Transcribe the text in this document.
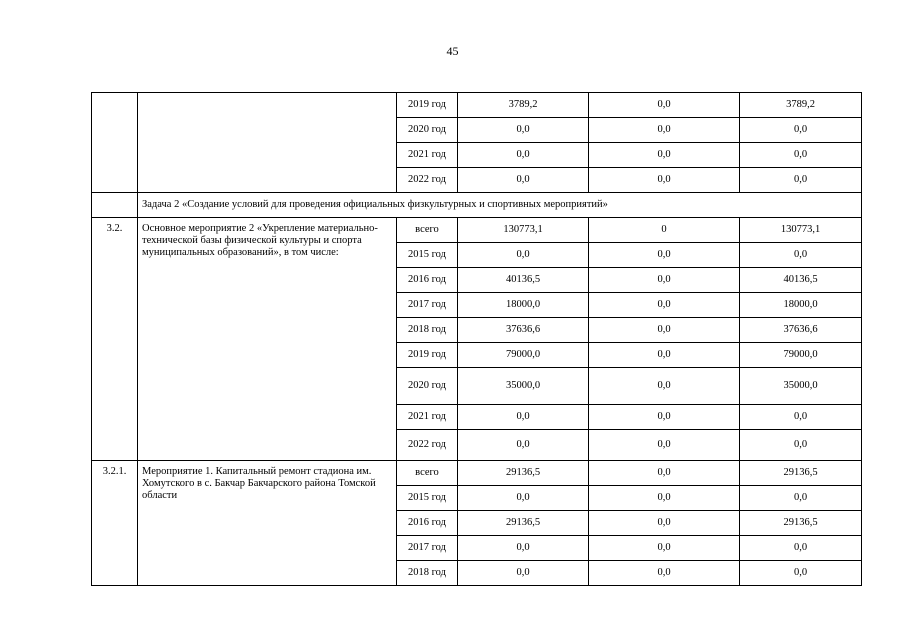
45
		2019 год	3789,2	0,0	3789,2
		2020 год	0,0	0,0	0,0
		2021 год	0,0	0,0	0,0
		2022 год	0,0	0,0	0,0
	Задача 2 «Создание условий для проведения официальных физкультурных и спортивных мероприятий»				
3.2.	Основное мероприятие 2 «Укрепление материально-технической базы физической культуры и спорта муниципальных образований», в том числе:	всего	130773,1	0	130773,1
		2015 год	0,0	0,0	0,0
		2016 год	40136,5	0,0	40136,5
		2017 год	18000,0	0,0	18000,0
		2018 год	37636,6	0,0	37636,6
		2019 год	79000,0	0,0	79000,0
		2020 год	35000,0	0,0	35000,0
		2021 год	0,0	0,0	0,0
		2022 год	0,0	0,0	0,0
3.2.1.	Мероприятие 1. Капитальный ремонт стадиона им. Хомутского в с. Бакчар Бакчарского района Томской области	всего	29136,5	0,0	29136,5
		2015 год	0,0	0,0	0,0
		2016 год	29136,5	0,0	29136,5
		2017 год	0,0	0,0	0,0
		2018 год	0,0	0,0	0,0
